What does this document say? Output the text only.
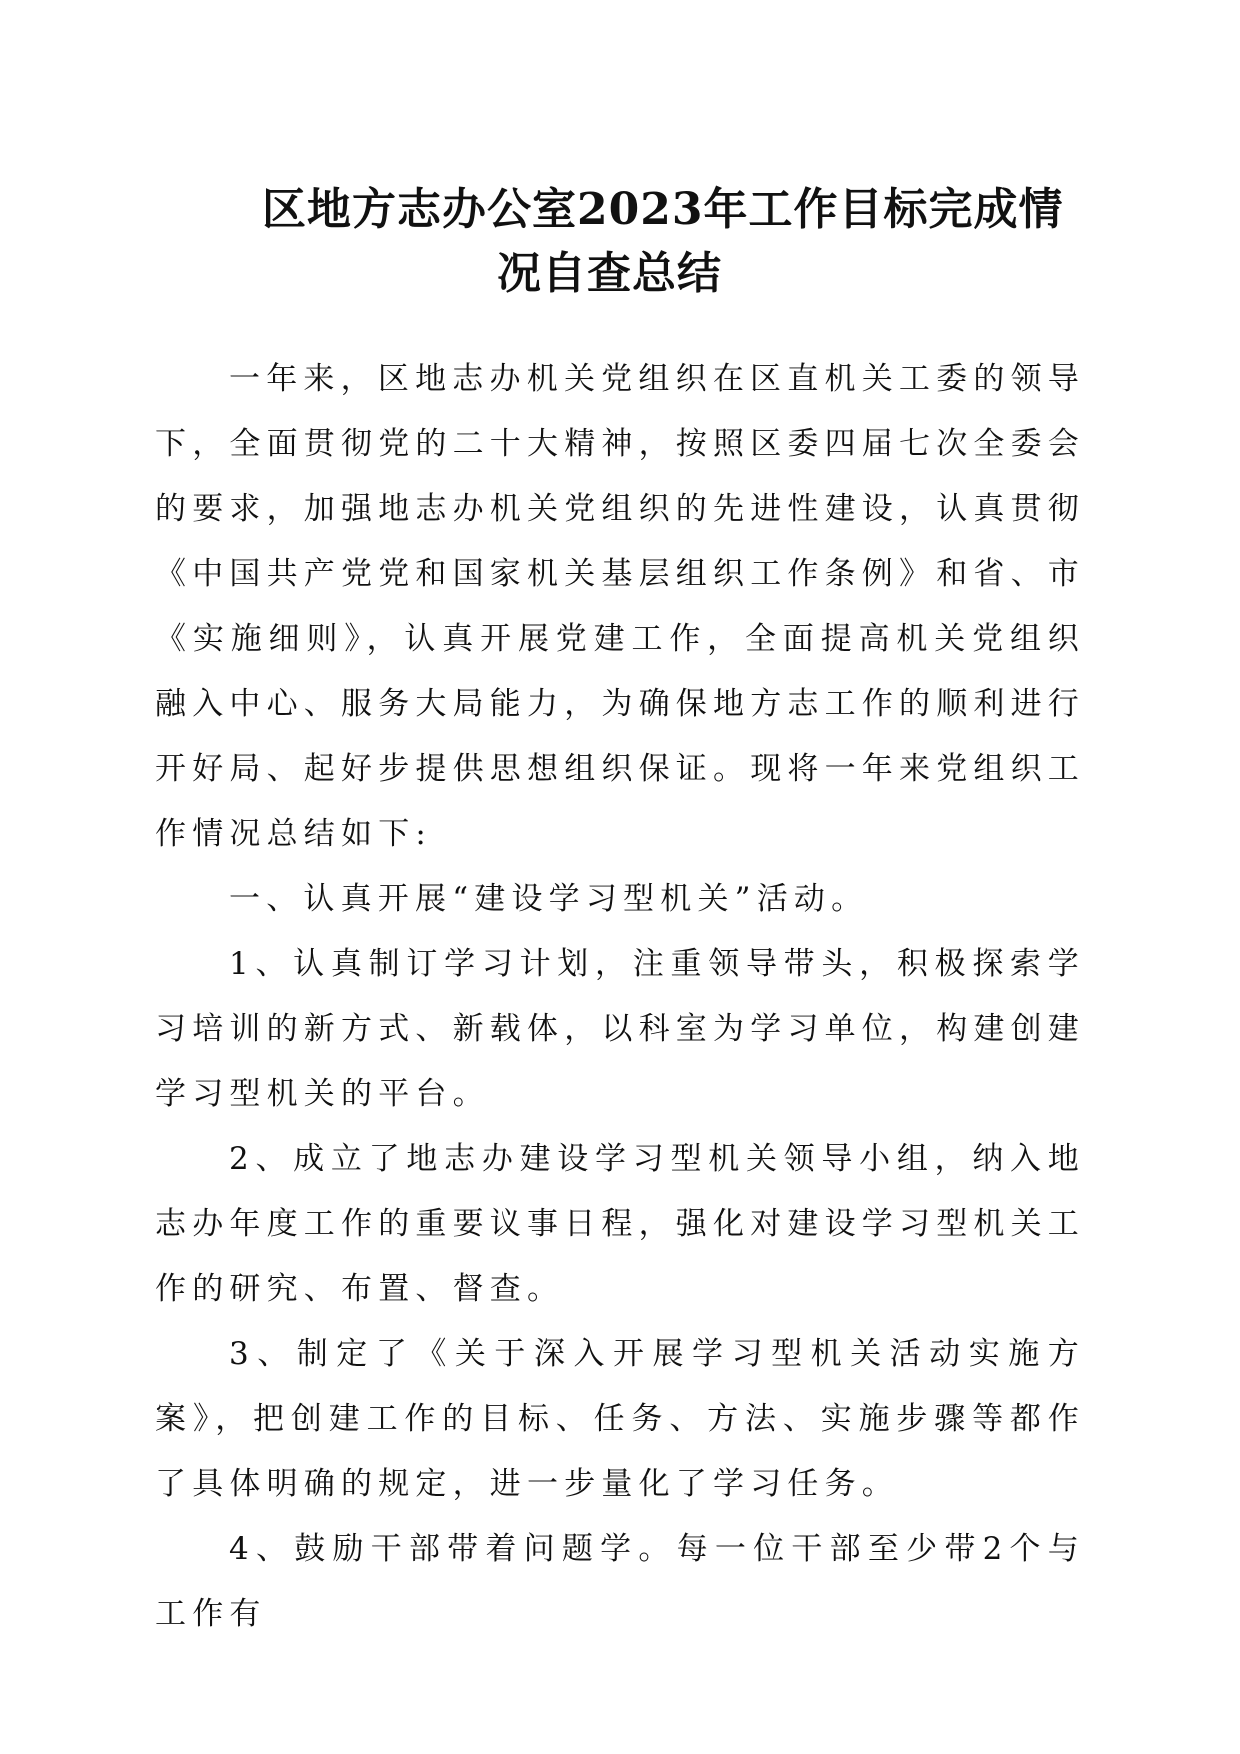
区地方志办公室2023年工作目标完成情
况自查总结

一年来，区地志办机关党组织在区直机关工委的领导下，全面贯彻党的二十大精神，按照区委四届七次全委会的要求，加强地志办机关党组织的先进性建设，认真贯彻《中国共产党党和国家机关基层组织工作条例》和省、市《实施细则》，认真开展党建工作，全面提高机关党组织融入中心、服务大局能力，为确保地方志工作的顺利进行开好局、起好步提供思想组织保证。现将一年来党组织工作情况总结如下:

一、认真开展“建设学习型机关”活动。

1、认真制订学习计划，注重领导带头，积极探索学习培训的新方式、新载体，以科室为学习单位，构建创建学习型机关的平台。

2、成立了地志办建设学习型机关领导小组，纳入地志办年度工作的重要议事日程，强化对建设学习型机关工作的研究、布置、督查。

3、制定了《关于深入开展学习型机关活动实施方案》，把创建工作的目标、任务、方法、实施步骤等都作了具体明确的规定，进一步量化了学习任务。

4、鼓励干部带着问题学。每一位干部至少带2个与工作有
